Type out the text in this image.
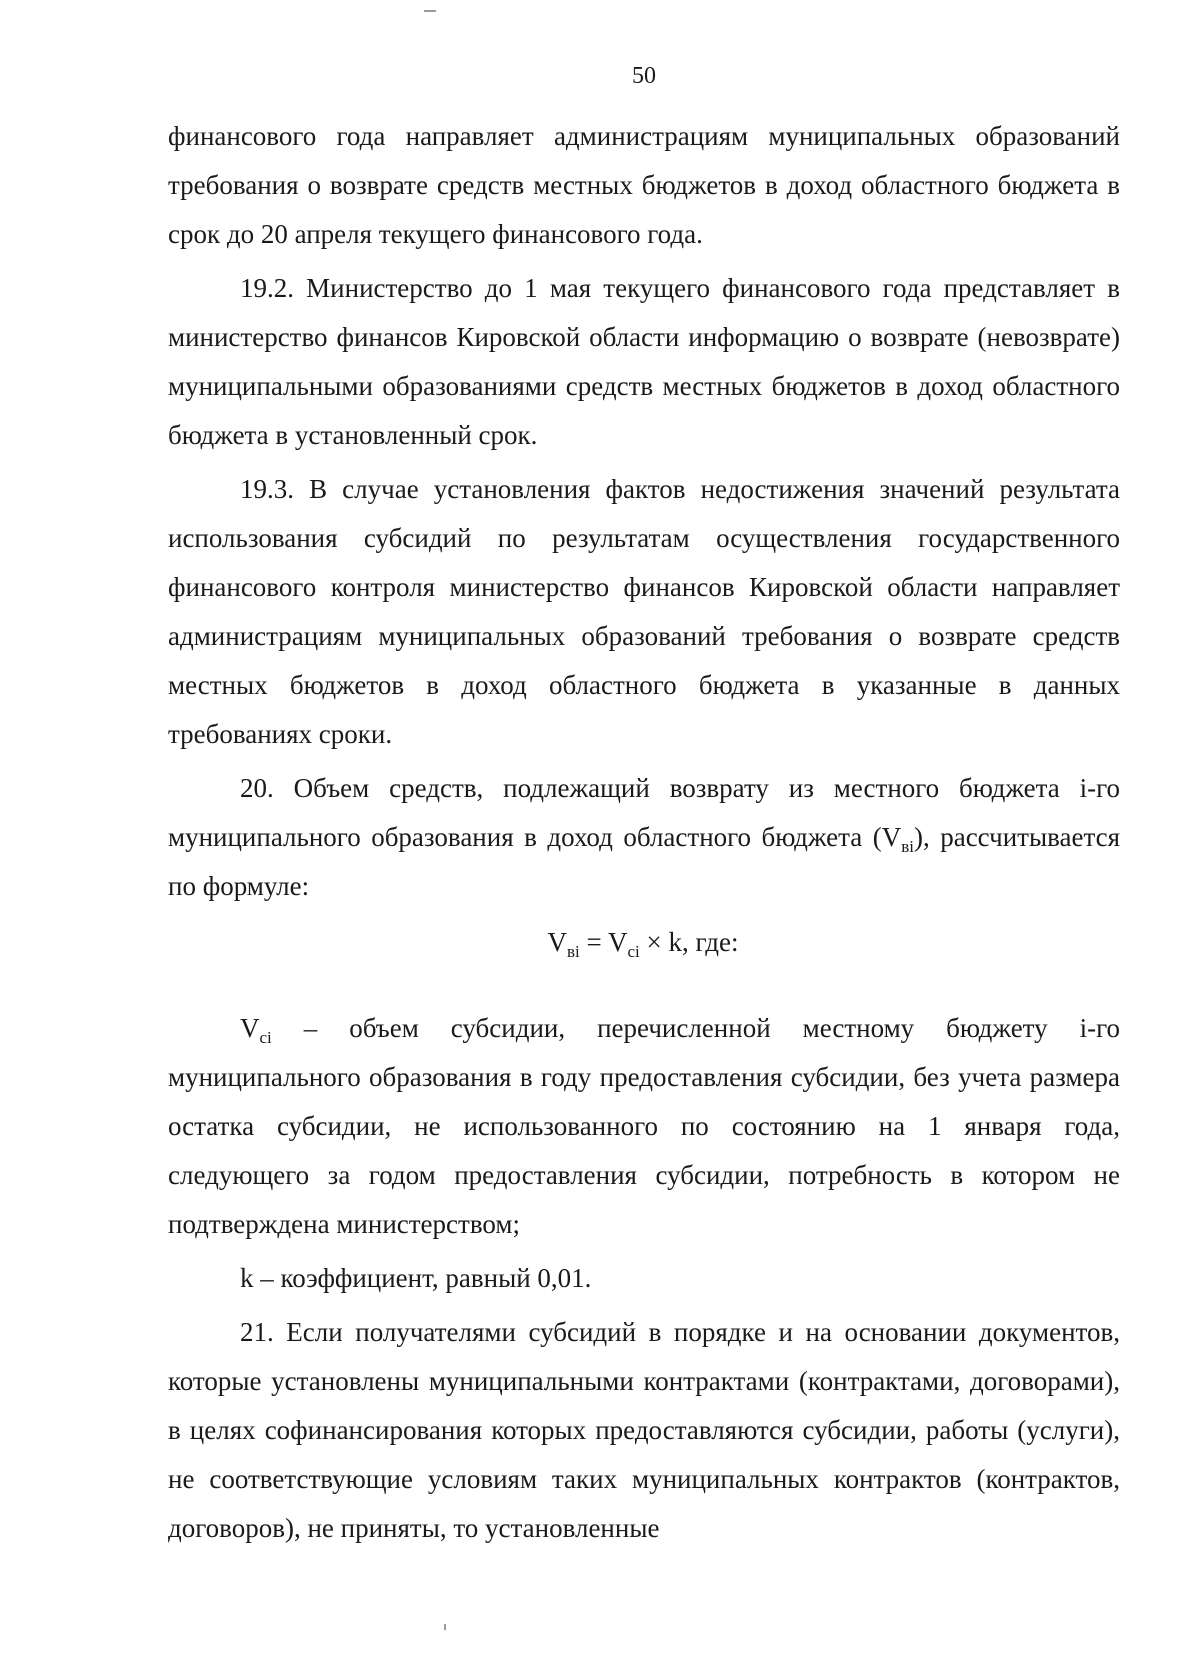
50

финансового года направляет администрациям муниципальных образований требования о возврате средств местных бюджетов в доход областного бюджета в срок до 20 апреля текущего финансового года.

19.2. Министерство до 1 мая текущего финансового года представляет в министерство финансов Кировской области информацию о возврате (невозврате) муниципальными образованиями средств местных бюджетов в доход областного бюджета в установленный срок.

19.3. В случае установления фактов недостижения значений результата использования субсидий по результатам осуществления государственного финансового контроля министерство финансов Кировской области направляет администрациям муниципальных образований требования о возврате средств местных бюджетов в доход областного бюджета в указанные в данных требованиях сроки.

20. Объем средств, подлежащий возврату из местного бюджета i-го муниципального образования в доход областного бюджета $(V_{вi})$, рассчитывается по формуле:

$V_{вi} = V_{ci} \times k$, где:

$V_{ci}$ – объем субсидии, перечисленной местному бюджету i-го муниципального образования в году предоставления субсидии, без учета размера остатка субсидии, не использованного по состоянию на 1 января года, следующего за годом предоставления субсидии, потребность в котором не подтверждена министерством;

k – коэффициент, равный 0,01.

21. Если получателями субсидий в порядке и на основании документов, которые установлены муниципальными контрактами (контрактами, договорами), в целях софинансирования которых предоставляются субсидии, работы (услуги), не соответствующие условиям таких муниципальных контрактов (контрактов, договоров), не приняты, то установленные
